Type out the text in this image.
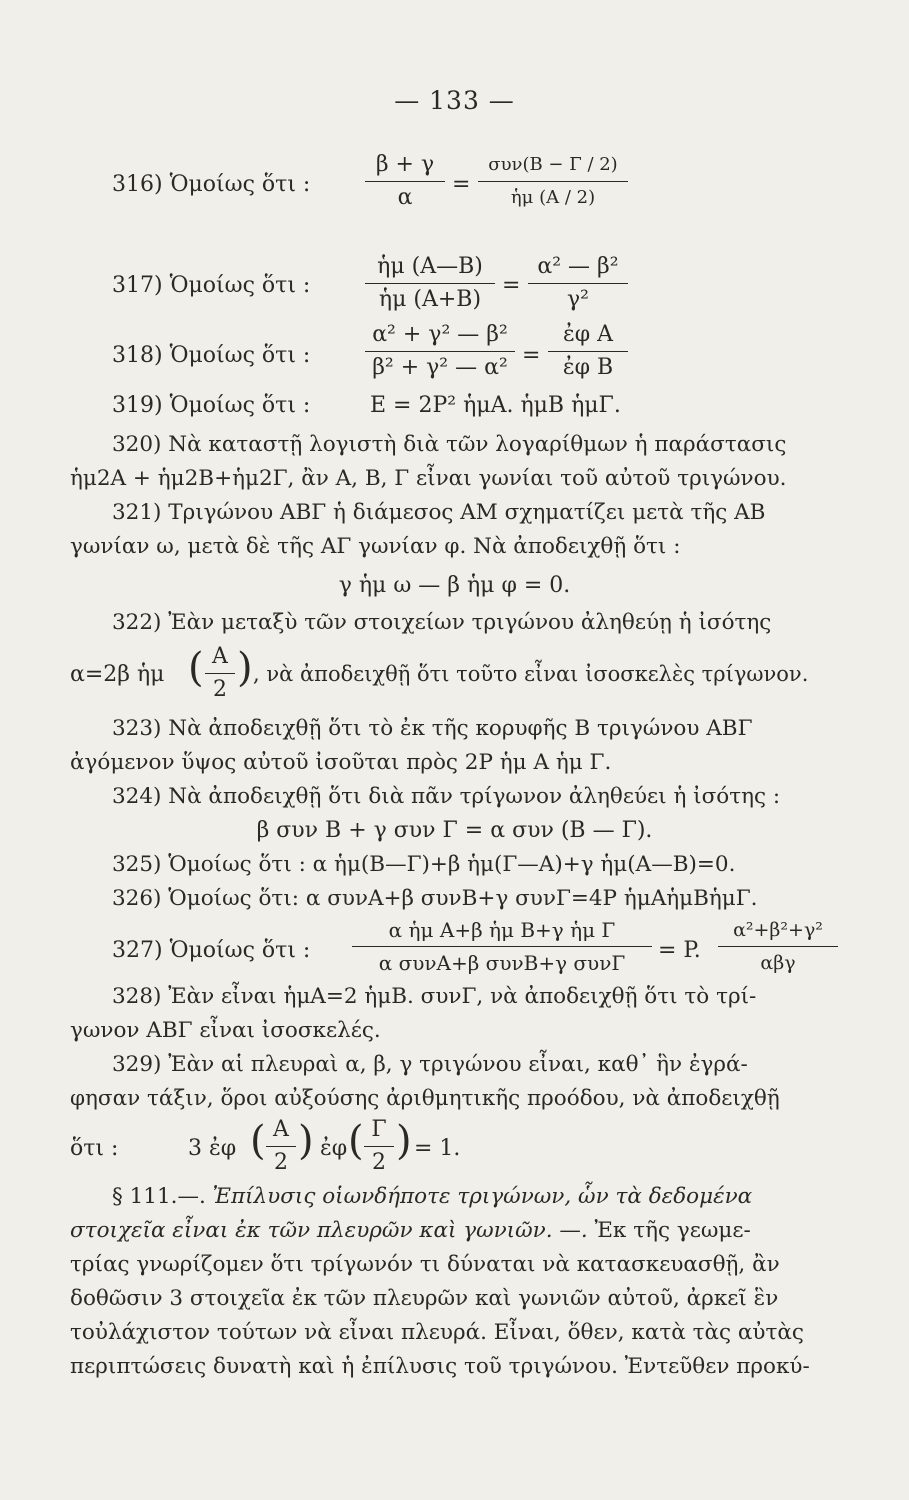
— 133 —
316) Ὁμοίως ὅτι :
β + γ
α
=
συν(B − Γ / 2)
ἡμ (A / 2)
317) Ὁμοίως ὅτι :
ἡμ (A—B)
ἡμ (A+B)
=
α² — β²
γ²
318) Ὁμοίως ὅτι :
α² + γ² — β²
β² + γ² — α² =
ἐφ A
ἐφ B
319) Ὁμοίως ὅτι :	E = 2P² ἡμA. ἡμB ἡμΓ.
320) Νὰ καταστῇ λογιστὴ διὰ τῶν λογαρίθμων ἡ παράστασις
ἡμ2A + ἡμ2B+ἡμ2Γ, ἂν A, B, Γ εἶναι γωνίαι τοῦ αὐτοῦ τριγώνου.
321) Τριγώνου ABΓ ἡ διάμεσος AM σχηματίζει μετὰ τῆς AB
γωνίαν ω, μετὰ δὲ τῆς AΓ γωνίαν φ. Νὰ ἀποδειχθῇ ὅτι :
γ ἡμ ω — β ἡμ φ = 0.
322) Ἐὰν μεταξὺ τῶν στοιχείων τριγώνου ἀληθεύῃ ἡ ἰσότης
α=2β ἡμ ( A
2 ) , νὰ ἀποδειχθῇ ὅτι τοῦτο εἶναι ἰσοσκελὲς τρίγωνον.
323) Νὰ ἀποδειχθῇ ὅτι τὸ ἐκ τῆς κορυφῆς B τριγώνου ABΓ
ἀγόμενον ὕψος αὐτοῦ ἰσοῦται πρὸς 2P ἡμ A ἡμ Γ.
324) Νὰ ἀποδειχθῇ ὅτι διὰ πᾶν τρίγωνον ἀληθεύει ἡ ἰσότης :
β συν B + γ συν Γ = α συν (B — Γ).
325) Ὁμοίως ὅτι : α ἡμ(B—Γ)+β ἡμ(Γ—A)+γ ἡμ(A—B)=0.
326) Ὁμοίως ὅτι: α συνA+β συνB+γ συνΓ=4P ἡμAἡμBἡμΓ.
327) Ὁμοίως ὅτι :
α ἡμ A+β ἡμ B+γ ἡμ Γ
α συνA+β συνB+γ συνΓ	= P.
α²+β²+γ²
αβγ
328) Ἐὰν εἶναι ἡμA=2 ἡμB. συνΓ, νὰ ἀποδειχθῇ ὅτι τὸ τρί-
γωνον ABΓ εἶναι ἰσοσκελές.
329) Ἐὰν αἱ πλευραὶ α, β, γ τριγώνου εἶναι, καθ᾽ ἣν ἐγρά-
φησαν τάξιν, ὅροι αὐξούσης ἀριθμητικῆς προόδου, νὰ ἀποδειχθῇ
ὅτι :	3 ἐφ ( A
2 ) ἐφ ( Γ
2 ) = 1.
§ 111.—. Ἐπίλυσις οἱωνδήποτε τριγώνων, ὧν τὰ δεδομένα
στοιχεῖα εἶναι ἐκ τῶν πλευρῶν καὶ γωνιῶν. —. Ἐκ τῆς γεωμε-
τρίας γνωρίζομεν ὅτι τρίγωνόν τι δύναται νὰ κατασκευασθῇ, ἂν
δοθῶσιν 3 στοιχεῖα ἐκ τῶν πλευρῶν καὶ γωνιῶν αὐτοῦ, ἀρκεῖ ἓν
τοὐλάχιστον τούτων νὰ εἶναι πλευρά. Εἶναι, ὅθεν, κατὰ τὰς αὐτὰς
περιπτώσεις δυνατὴ καὶ ἡ ἐπίλυσις τοῦ τριγώνου. Ἐντεῦθεν προκύ-
